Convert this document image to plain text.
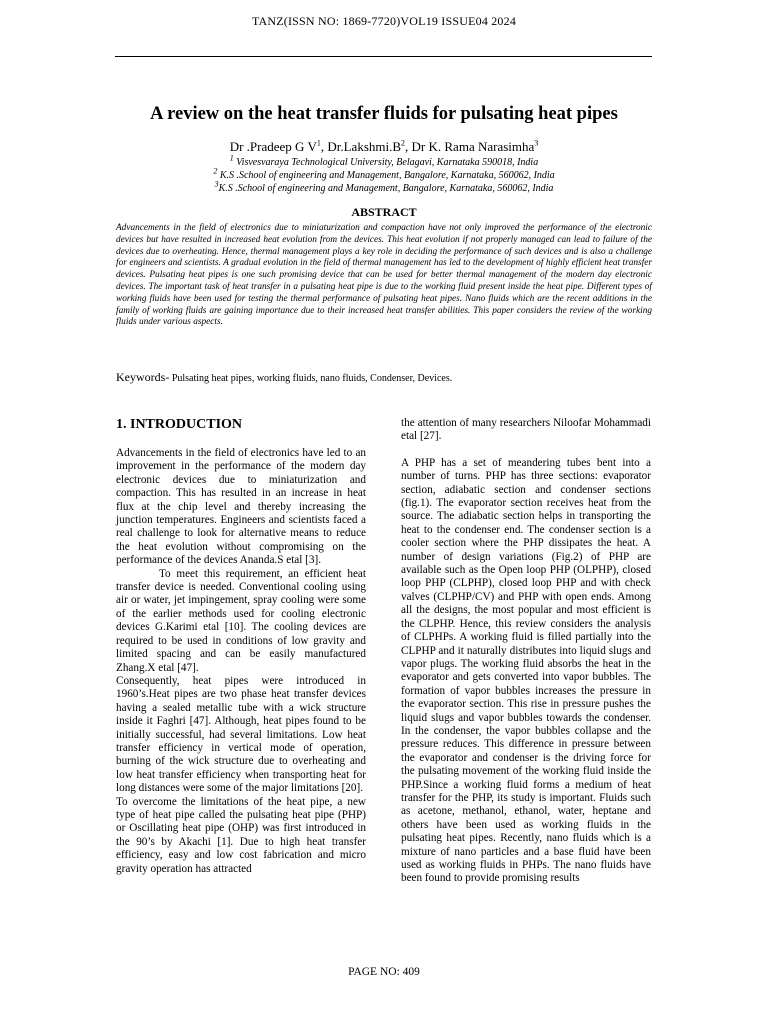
TANZ(ISSN NO: 1869-7720)VOL19 ISSUE04 2024
A review on the heat transfer fluids for pulsating heat pipes
Dr .Pradeep G $V^1$, $Dr.Lakshmi.B^2$, Dr K. Rama Narasimha$^3$
$^1$ Visvesvaraya Technological University, Belagavi, Karnataka 590018, India
$^2$ K.S .School of engineering and Management, Bangalore, Karnataka, 560062, India
$^3$K.S .School of engineering and Management, Bangalore, Karnataka, 560062, India
ABSTRACT
Advancements in the field of electronics due to miniaturization and compaction have not only improved the performance of the electronic devices but have resulted in increased heat evolution from the devices. This heat evolution if not properly managed can lead to failure of the devices due to overheating. Hence, thermal management plays a key role in deciding the performance of such devices and is also a challenge for engineers and scientists. A gradual evolution in the field of thermal management has led to the development of highly efficient heat transfer devices. Pulsating heat pipes is one such promising device that can be used for better thermal management of the modern day electronic devices. The important task of heat transfer in a pulsating heat pipe is due to the working fluid present inside the heat pipe. Different types of working fluids have been used for testing the thermal performance of pulsating heat pipes. Nano fluids which are the recent additions in the family of working fluids are gaining importance due to their increased heat transfer abilities. This paper considers the review of the working fluids under various aspects.
Keywords- Pulsating heat pipes, working fluids, nano fluids, Condenser, Devices.
1. INTRODUCTION

Advancements in the field of electronics have led to an improvement in the performance of the modern day electronic devices due to miniaturization and compaction. This has resulted in an increase in heat flux at the chip level and thereby increasing the junction temperatures. Engineers and scientists faced a real challenge to look for alternative means to reduce the heat evolution without compromising on the performance of the devices Ananda.S etal [3].

To meet this requirement, an efficient heat transfer device is needed. Conventional cooling using air or water, jet impingement, spray cooling were some of the earlier methods used for cooling electronic devices G.Karimi etal [10]. The cooling devices are required to be used in conditions of low gravity and limited spacing and can be easily manufactured Zhang.X etal [47].

Consequently, heat pipes were introduced in 1960’s.Heat pipes are two phase heat transfer devices having a sealed metallic tube with a wick structure inside it Faghri [47]. Although, heat pipes found to be initially successful, had several limitations. Low heat transfer efficiency in vertical mode of operation, burning of the wick structure due to overheating and low heat transfer efficiency when transporting heat for long distances were some of the major limitations [20].

To overcome the limitations of the heat pipe, a new type of heat pipe called the pulsating heat pipe (PHP) or Oscillating heat pipe (OHP) was first introduced in the 90’s by Akachi [1]. Due to high heat transfer efficiency, easy and low cost fabrication and micro gravity operation has attracted

the attention of many researchers Niloofar Mohammadi etal [27].

A PHP has a set of meandering tubes bent into a number of turns. PHP has three sections: evaporator section, adiabatic section and condenser sections (fig.1). The evaporator section receives heat from the source. The adiabatic section helps in transporting the heat to the condenser end. The condenser section is a cooler section where the PHP dissipates the heat. A number of design variations (Fig.2) of PHP are available such as the Open loop PHP (OLPHP), closed loop PHP (CLPHP), closed loop PHP and with check valves (CLPHP/CV) and PHP with open ends. Among all the designs, the most popular and most efficient is the CLPHP. Hence, this review considers the analysis of CLPHPs. A working fluid is filled partially into the CLPHP and it naturally distributes into liquid slugs and vapor plugs. The working fluid absorbs the heat in the evaporator and gets converted into vapor bubbles. The formation of vapor bubbles increases the pressure in the evaporator section. This rise in pressure pushes the liquid slugs and vapor bubbles towards the condenser. In the condenser, the vapor bubbles collapse and the pressure reduces. This difference in pressure between the evaporator and condenser is the driving force for the pulsating movement of the working fluid inside the PHP.Since a working fluid forms a medium of heat transfer for the PHP, its study is important. Fluids such as acetone, methanol, ethanol, water, heptane and others have been used as working fluids in the pulsating heat pipes. Recently, nano fluids which is a mixture of nano particles and a base fluid have been used as working fluids in PHPs. The nano fluids have been found to provide promising results

PAGE NO: 409
